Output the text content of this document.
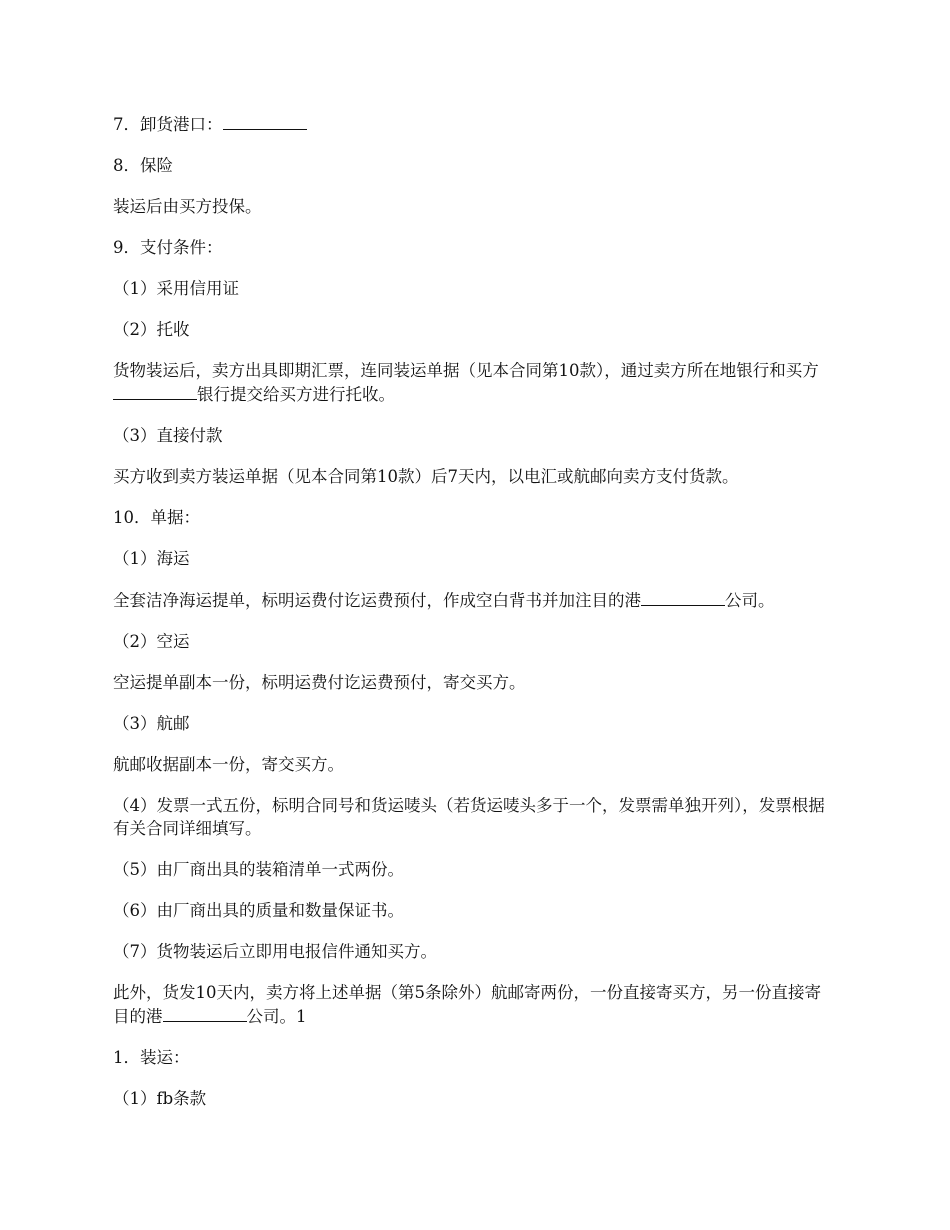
7．卸货港口：

8．保险

装运后由买方投保。

9．支付条件：

（1）采用信用证

（2）托收

货物装运后，卖方出具即期汇票，连同装运单据（见本合同第10款），通过卖方所在地银行和买方银行提交给买方进行托收。

（3）直接付款

买方收到卖方装运单据（见本合同第10款）后7天内，以电汇或航邮向卖方支付货款。

10．单据：

（1）海运

全套洁净海运提单，标明运费付讫运费预付，作成空白背书并加注目的港	公司。

（2）空运

空运提单副本一份，标明运费付讫运费预付，寄交买方。

（3）航邮

航邮收据副本一份，寄交买方。

（4）发票一式五份，标明合同号和货运唛头（若货运唛头多于一个，发票需单独开列），发票根据有关合同详细填写。

（5）由厂商出具的装箱清单一式两份。

（6）由厂商出具的质量和数量保证书。

（7）货物装运后立即用电报信件通知买方。

此外，货发10天内，卖方将上述单据（第5条除外）航邮寄两份，一份直接寄买方，另一份直接寄目的港	公司。1

1．装运：

（1）fb条款
